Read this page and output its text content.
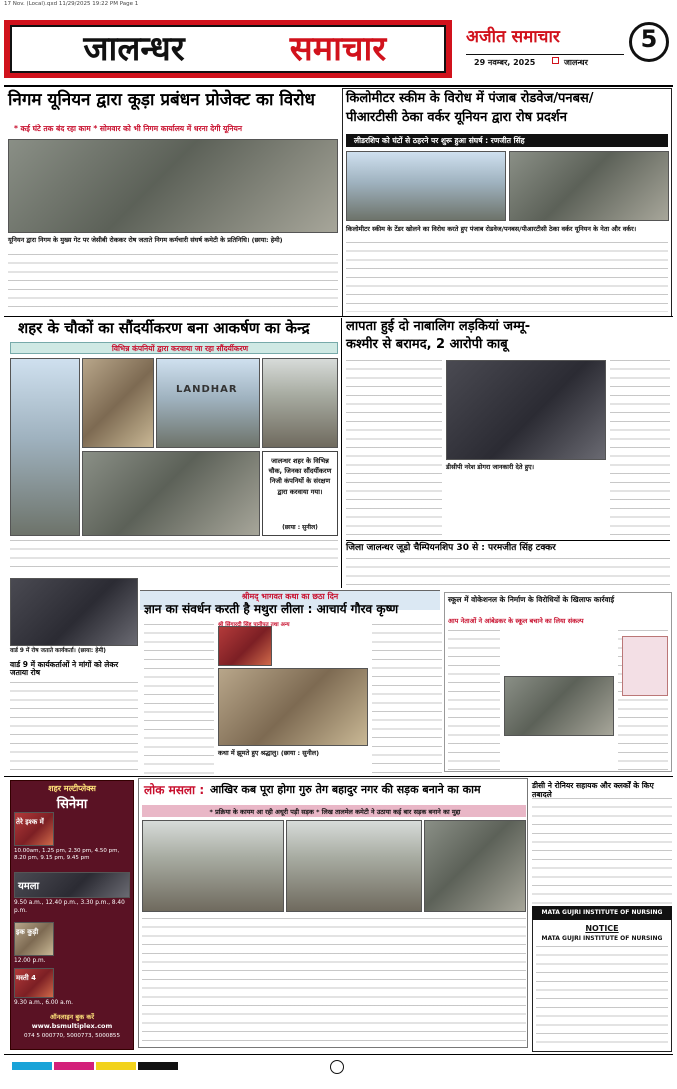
17 Nov. (Local).qxd 11/29/2025 19:22 PM Page 1
जालन्धर	समाचार	अजीत समाचार	5
29 नवम्बर, 2025	जालन्धर
निगम यूनियन द्वारा कूड़ा प्रबंधन प्रोजेक्ट का विरोध
* कई घंटे तक बंद रहा काम * सोमवार को भी निगम कार्यालय में धरना देगी यूनियन
यूनियन द्वारा निगम के मुख्य गेट पर जेसीबी रोककर रोष जताते निगम कर्मचारी संघर्ष कमेटी के प्रतिनिधि। (छाया: हेमी)
किलोमीटर स्कीम के विरोध में पंजाब रोडवेज/पनबस/
पीआरटीसी ठेका वर्कर यूनियन द्वारा रोष प्रदर्शन
लीडरशिप को घंटों से ठहरने पर शुरू हुआ संघर्ष : रणजीत सिंह
किलोमीटर स्कीम के टेंडर खोलने का विरोध करते हुए पंजाब रोडवेज/पनबस/पीआरटीसी ठेका वर्कर यूनियन के नेता और वर्कर।
शहर के चौकों का सौंदर्यीकरण बना आकर्षण का केन्द्र
विभिन्न कंपनियों द्वारा करवाया जा रहा सौंदर्यीकरण
LANDHAR
जालन्धर शहर के विभिन्न चौक, जिनका सौंदर्यीकरण निजी कंपनियों के संरक्षण द्वारा करवाया गया।
(छाया : सुनील)
लापता हुई दो नाबालिग लड़कियां जम्मू-
कश्मीर से बरामद, 2 आरोपी काबू
डीसीपी नरेश डोगरा जानकारी देते हुए।
जिला जालन्धर जूडो चैम्पियनशिप 30 से : परमजीत सिंह टक्कर
श्रीमद् भागवत कथा का छठा दिन
ज्ञान का संवर्धन करती है मथुरा लीला : आचार्य गौरव कृष्ण
श्री सिंगारदी सिंह पानीपत तथा अन्य
कथा में झूमते हुए श्रद्धालु। (छाया : सुनील)
वार्ड 9 में रोष जताते कार्यकर्ता। (छाया: हेमी)
वार्ड 9 में कार्यकर्ताओं ने मांगों को लेकर जताया रोष
स्कूल में वोकेशनल के निर्माण के विरोधियों के खिलाफ कार्रवाई
आप नेताओं ने आंबेडकर के स्कूल बचाने का लिया संकल्प
शहर मल्टीप्लेक्स
सिनेमा
तेरे इश्क में
10.00am, 1.25 pm, 2.30 pm, 4.50 pm, 8.20 pm, 9.15 pm, 9.45 pm
यमला
9.50 a.m., 12.40 p.m., 3.30 p.m., 8.40 p.m.
इक कुड़ी
12.00 p.m.
मस्ती 4
9.30 a.m., 6.00 a.m.
ऑनलाइन बुक करें
www.bsmultiplex.com
074 5 000770, 5000773, 5000855
लोक मसला : आखिर कब पूरा होगा गुरु तेग बहादुर नगर की सड़क बनाने का काम
* प्रक्रिया के कायम आ रही अधूरी पड़ी सड़क * लिख तालमेल कमेटी ने उठाया कई बार सड़क बनाने का मुद्दा
डीसी ने रोनियर सहायक और क्लर्कों के किए तबादले
MATA GUJRI INSTITUTE OF NURSING
NOTICE
MATA GUJRI INSTITUTE OF NURSING
